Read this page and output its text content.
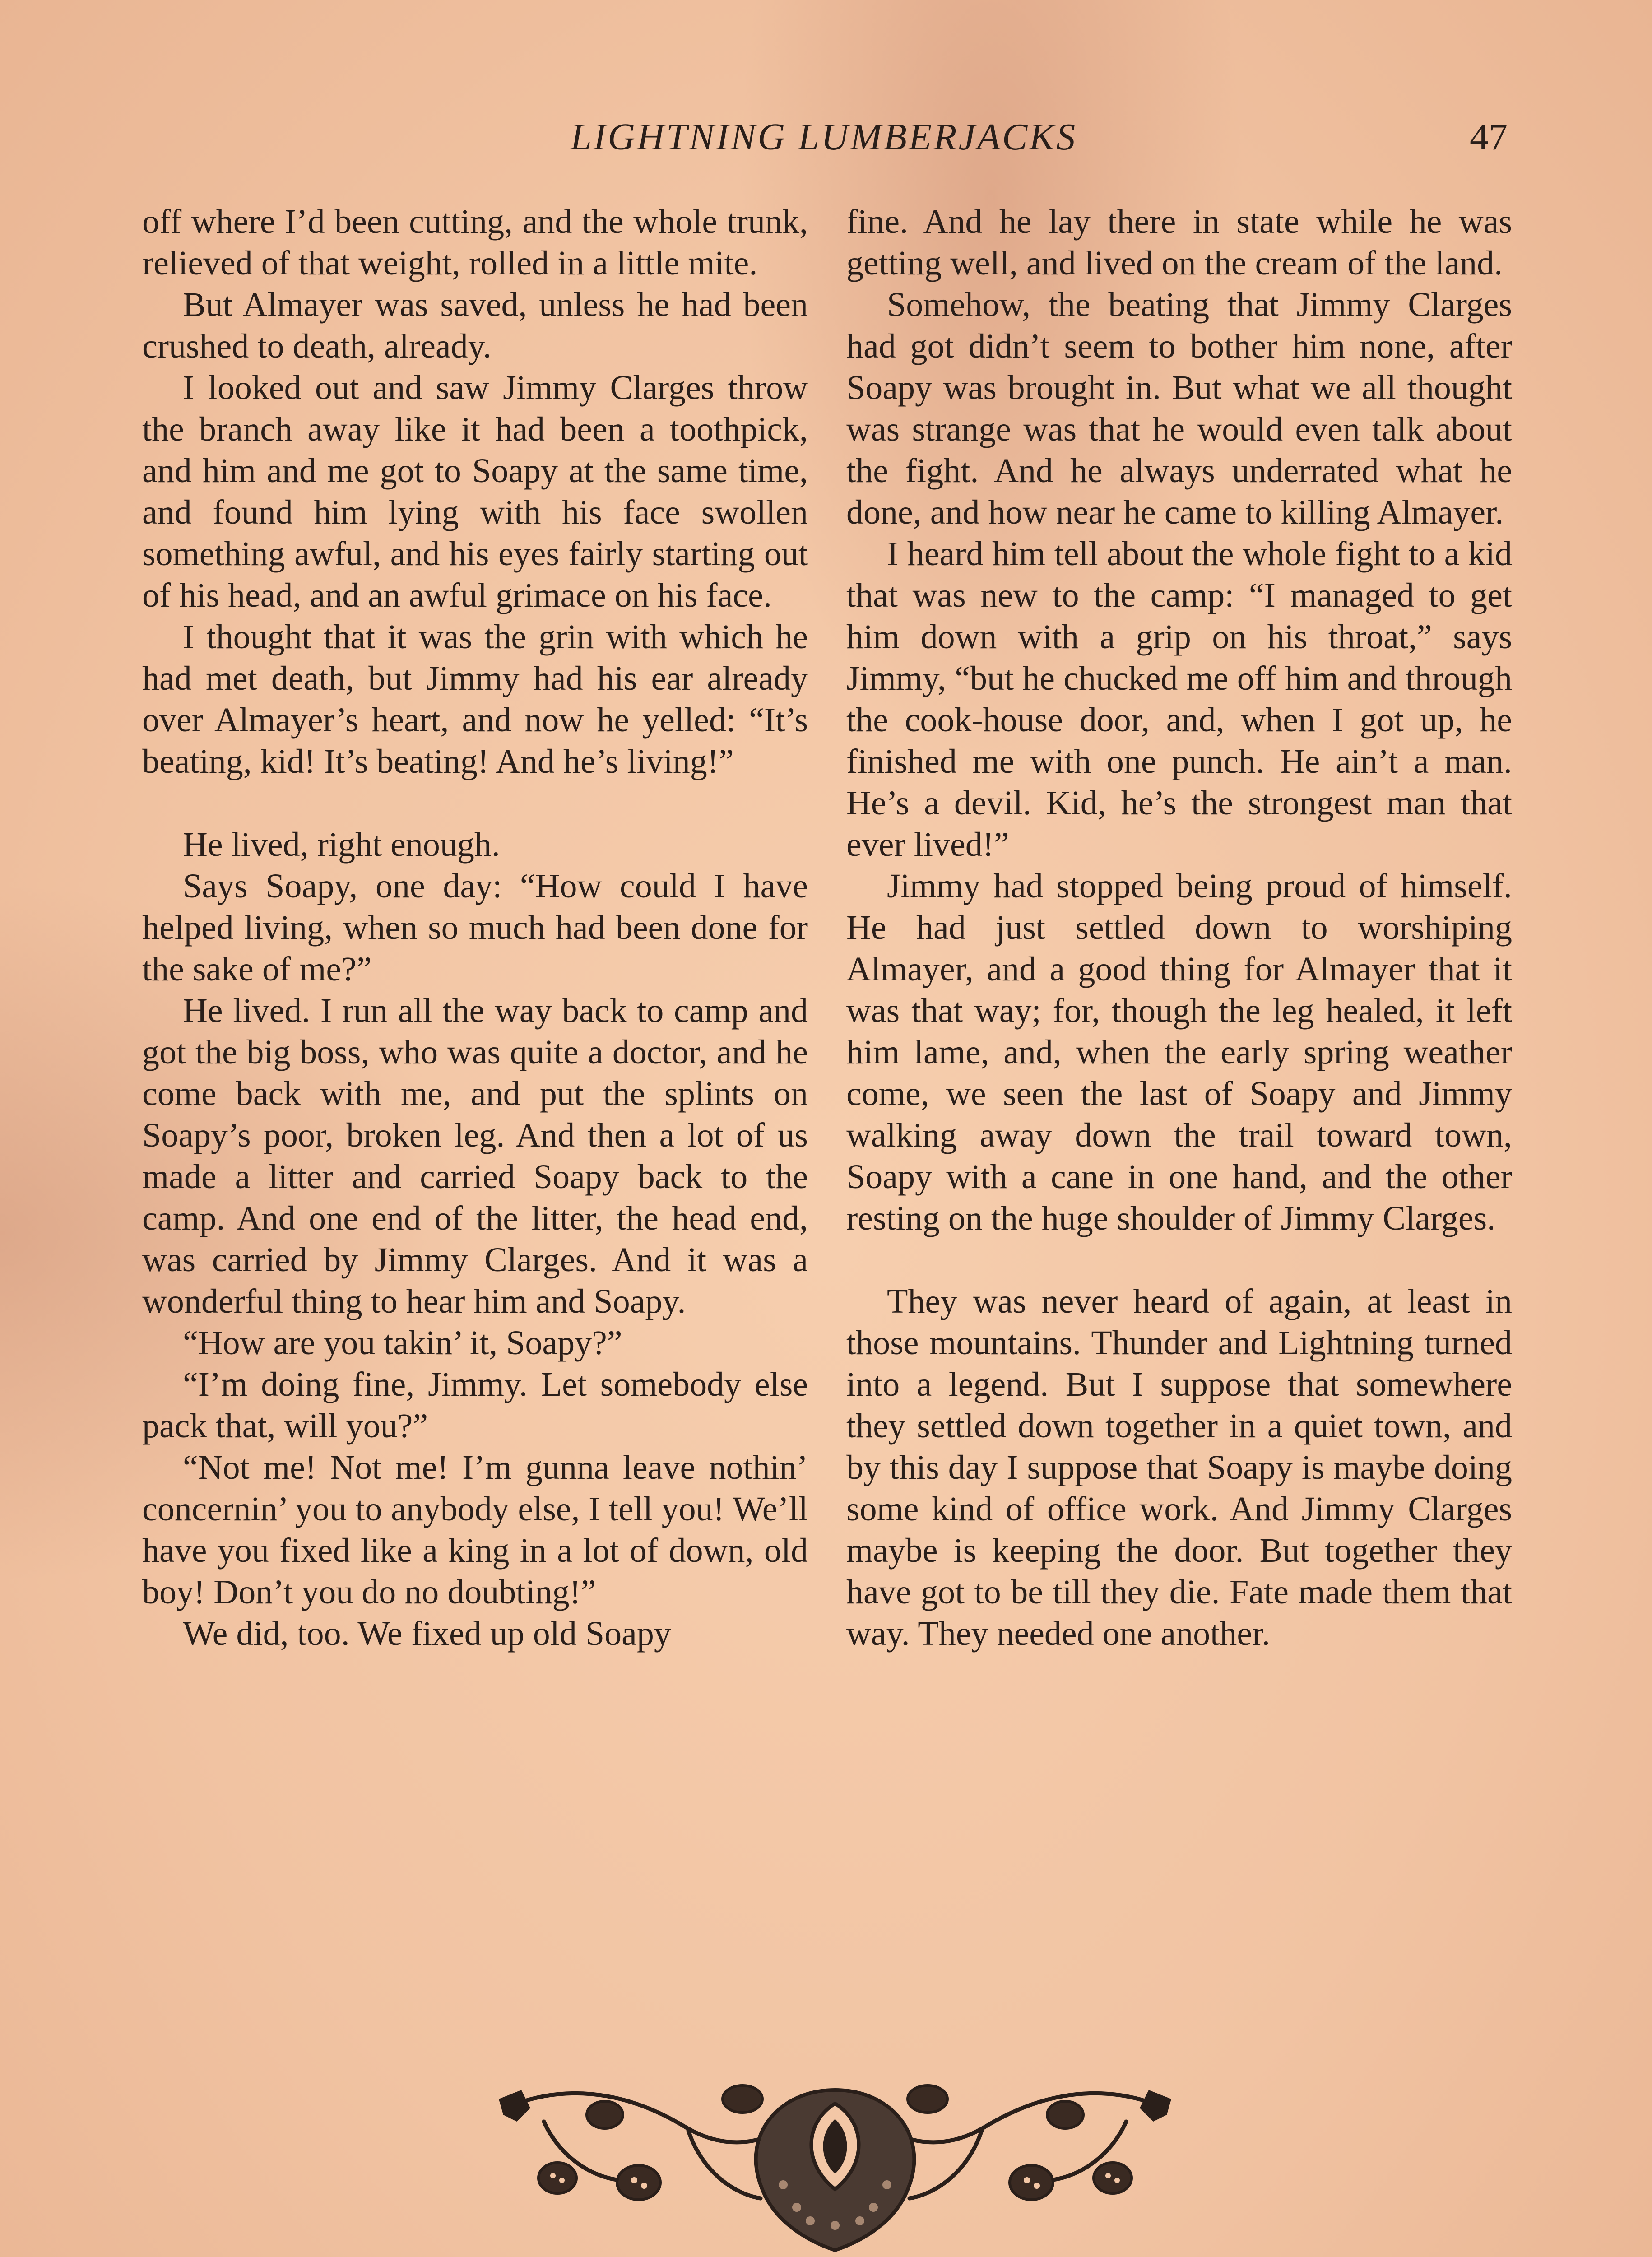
LIGHTNING LUMBERJACKS	47

off where I’d been cutting, and the whole trunk, relieved of that weight, rolled in a little mite.

But Almayer was saved, unless he had been crushed to death, already.

I looked out and saw Jimmy Clarges throw the branch away like it had been a toothpick, and him and me got to Soapy at the same time, and found him lying with his face swollen something awful, and his eyes fairly starting out of his head, and an awful grimace on his face.

I thought that it was the grin with which he had met death, but Jimmy had his ear already over Almayer’s heart, and now he yelled: “It’s beating, kid! It’s beating! And he’s living!”

He lived, right enough.

Says Soapy, one day: “How could I have helped living, when so much had been done for the sake of me?”

He lived. I run all the way back to camp and got the big boss, who was quite a doctor, and he come back with me, and put the splints on Soapy’s poor, broken leg. And then a lot of us made a litter and carried Soapy back to the camp. And one end of the litter, the head end, was carried by Jimmy Clarges. And it was a wonderful thing to hear him and Soapy.

“How are you takin’ it, Soapy?”

“I’m doing fine, Jimmy. Let somebody else pack that, will you?”

“Not me! Not me! I’m gunna leave nothin’ concernin’ you to anybody else, I tell you! We’ll have you fixed like a king in a lot of down, old boy! Don’t you do no doubting!”

We did, too. We fixed up old Soapy

fine. And he lay there in state while he was getting well, and lived on the cream of the land.

Somehow, the beating that Jimmy Clarges had got didn’t seem to bother him none, after Soapy was brought in. But what we all thought was strange was that he would even talk about the fight. And he always underrated what he done, and how near he came to killing Almayer.

I heard him tell about the whole fight to a kid that was new to the camp: “I managed to get him down with a grip on his throat,” says Jimmy, “but he chucked me off him and through the cook-house door, and, when I got up, he finished me with one punch. He ain’t a man. He’s a devil. Kid, he’s the strongest man that ever lived!”

Jimmy had stopped being proud of himself. He had just settled down to worshiping Almayer, and a good thing for Almayer that it was that way; for, though the leg healed, it left him lame, and, when the early spring weather come, we seen the last of Soapy and Jimmy walking away down the trail toward town, Soapy with a cane in one hand, and the other resting on the huge shoulder of Jimmy Clarges.

They was never heard of again, at least in those mountains. Thunder and Lightning turned into a legend. But I suppose that somewhere they settled down together in a quiet town, and by this day I suppose that Soapy is maybe doing some kind of office work. And Jimmy Clarges maybe is keeping the door. But together they have got to be till they die. Fate made them that way. They needed one another.
